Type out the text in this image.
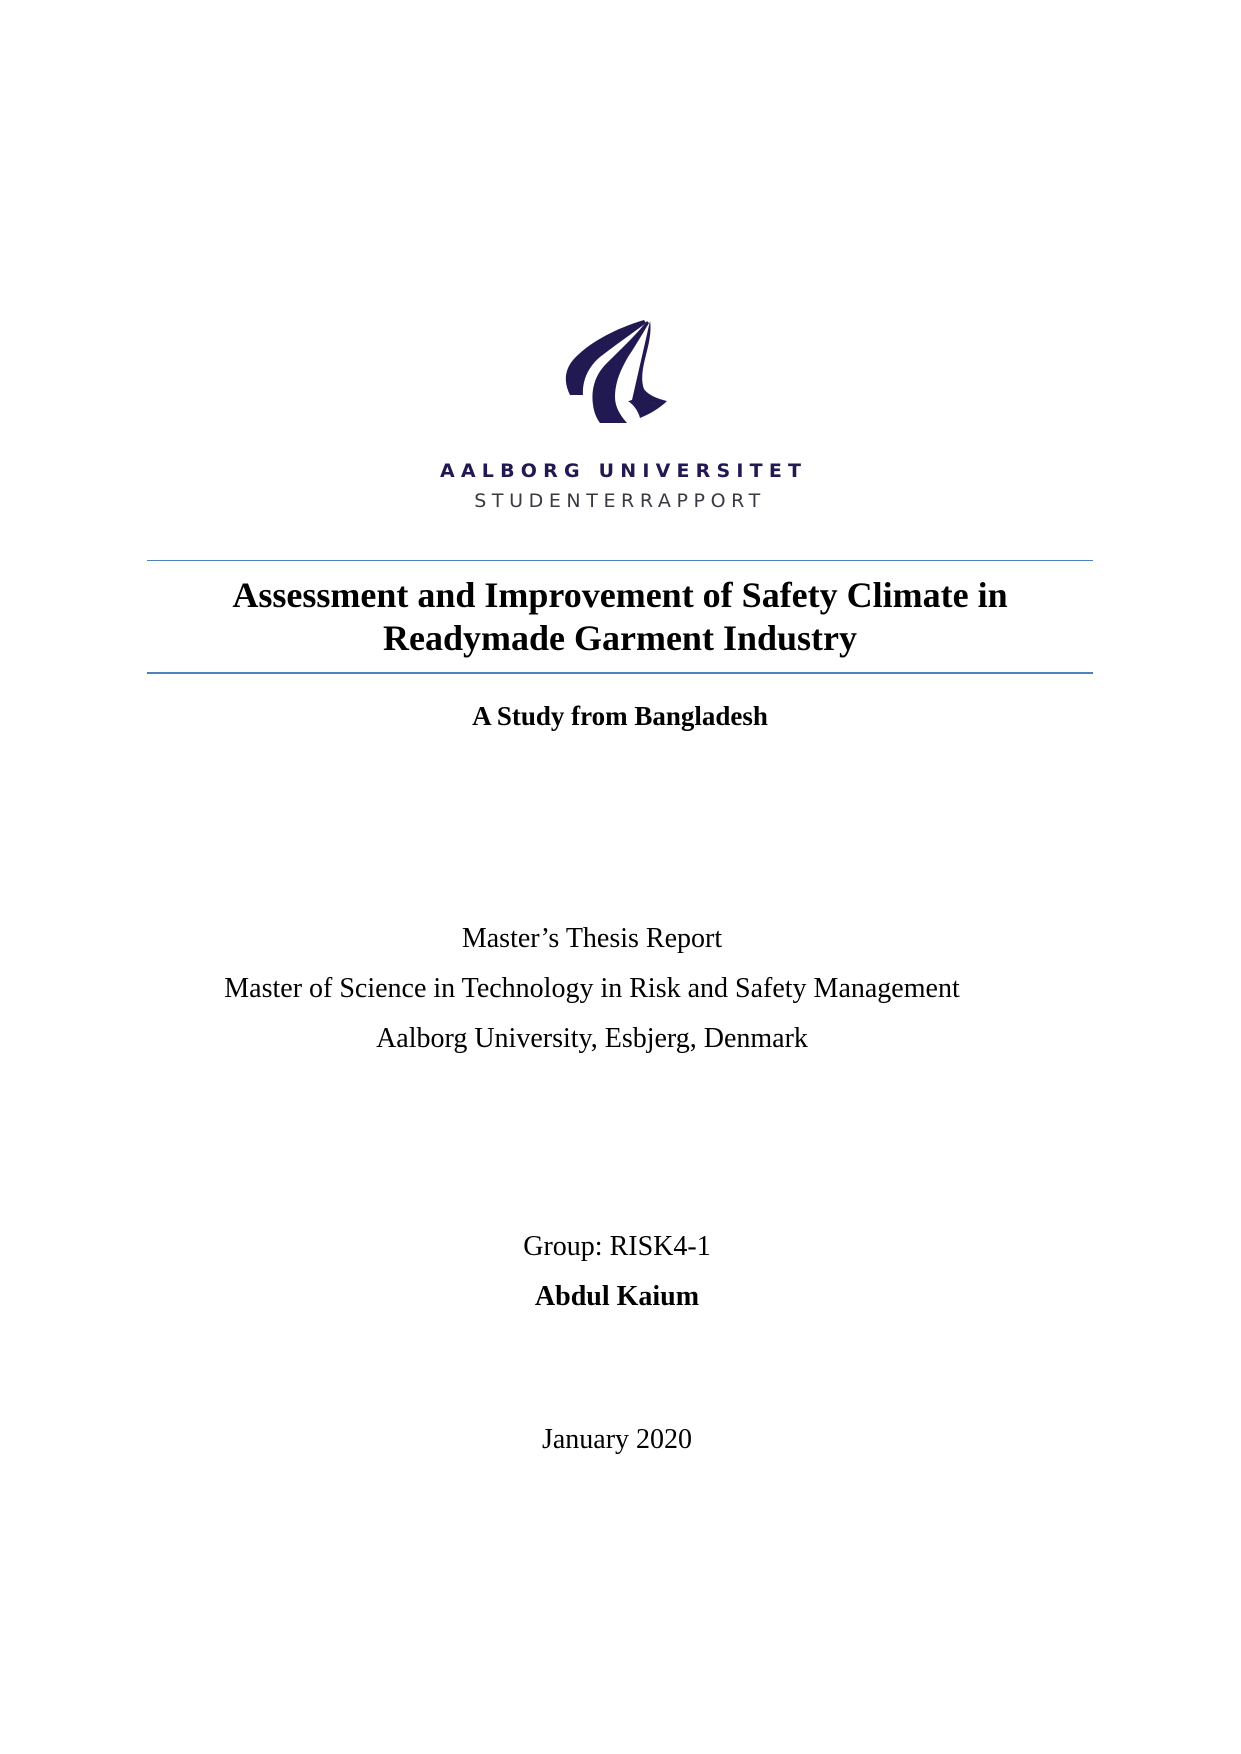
AALBORG UNIVERSITET
STUDENTERRAPPORT
Assessment and Improvement of Safety Climate in
Readymade Garment Industry
A Study from Bangladesh
Master’s Thesis Report
Master of Science in Technology in Risk and Safety Management
Aalborg University, Esbjerg, Denmark
Group: RISK4-1
Abdul Kaium
January 2020
